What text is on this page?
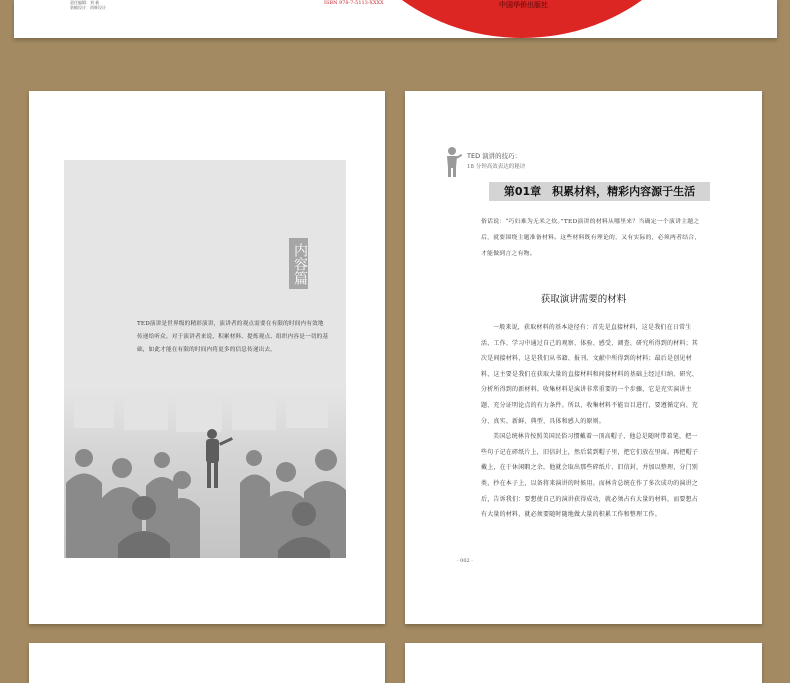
责任编辑：刘 新
装帧设计：尚辉设计
ISBN 978-7-5113-XXXX	中国华侨出版社
内容篇
TED演讲是世界级的精彩演讲，演讲者的观点需要在有限的时间内有效地传递给听众。对于演讲者来说，积累材料、提炼观点、组织内容是一切的基础，如此才能在有限的时间内将更多的信息传递出去。
TED 演讲的技巧：
18 分钟高效表达的秘诀
第01章　积累材料，精彩内容源于生活
俗话说：“巧妇难为无米之炊。”TED演讲的材料从哪里来？当确定一个演讲主题之后，就要围绕主题准备材料。这些材料既有理论的，又有实际的，必须两者结合，才能做到言之有物。
获取演讲需要的材料

一般来说，获取材料的基本途径有：首先是直接材料，这是我们在日常生活、工作、学习中通过自己的观察、体验、感受、调查、研究所得到的材料；其次是间接材料，这是我们从书籍、报刊、文献中所得到的材料；最后是创见材料，这主要是我们在获取大量的直接材料和间接材料的基础上经过归纳、研究、分析所得到的新材料。收集材料是演讲非常重要的一个步骤，它是充实演讲主题、充分证明论点的有力条件。所以，收集材料不能盲目进行，要遵循定向、充分、真实、新鲜、典型、具体和感人的原则。

美国总统林肯按照美国民俗习惯戴着一顶高帽子，他总是随时带着笔，把一些句子记在碎纸片上，旧信封上，然后装到帽子里，把它们放在里面。再把帽子戴上，在于休闲暇之余，他就会取出那些碎纸片、旧信封，并加以整理，分门别类，抄在本子上，以备将来演讲的时候用。而林肯总统在作了多次成功的演讲之后，告诉我们：要想使自己的演讲获得成功，就必须占有大量的材料，而要想占有大量的材料，就必须要随时随地做大量的积累工作和整理工作。

· 002 ·
